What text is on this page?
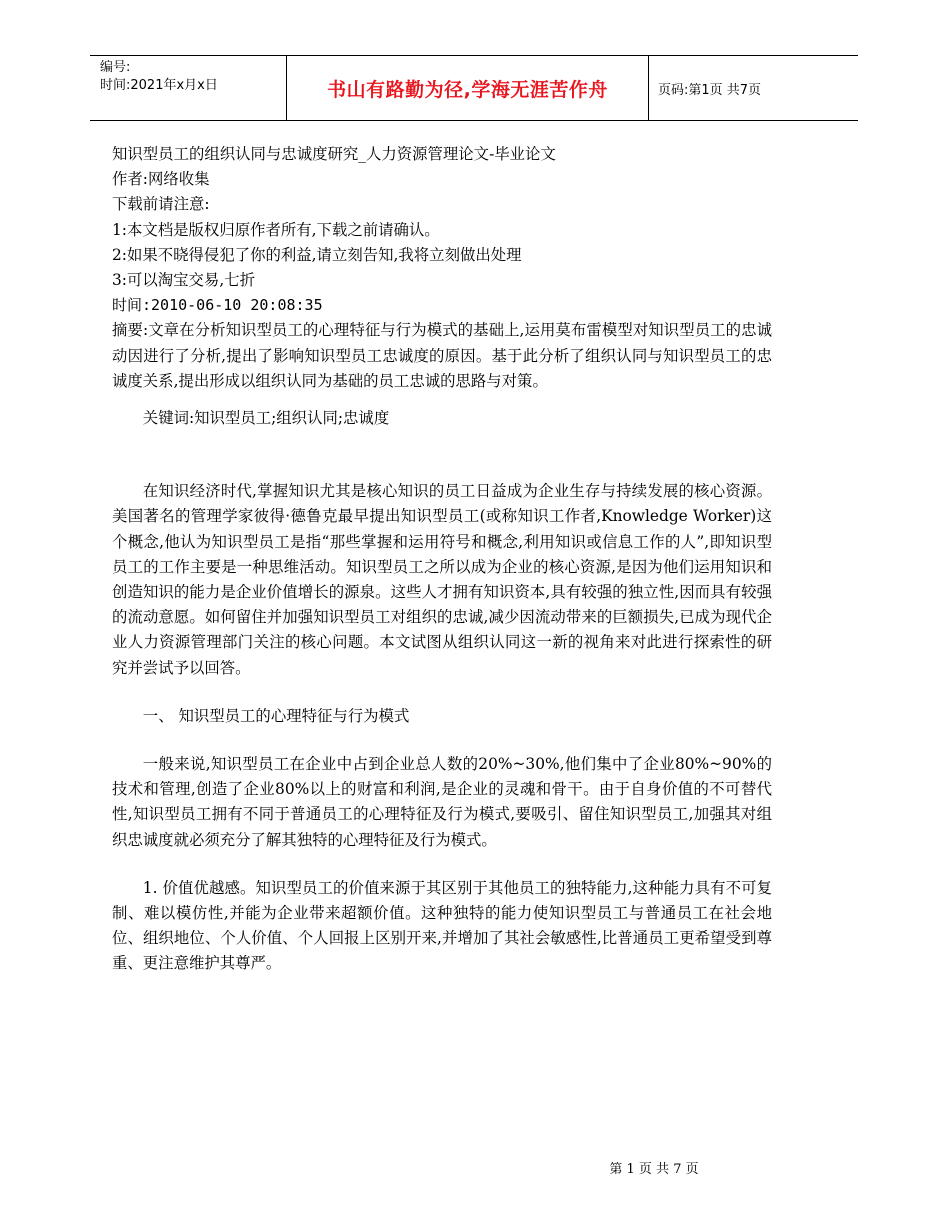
编号:
时间:2021年x月x日	书山有路勤为径,学海无涯苦作舟	页码:第1页 共7页
知识型员工的组织认同与忠诚度研究_人力资源管理论文-毕业论文
作者:网络收集
下载前请注意:
1:本文档是版权归原作者所有,下载之前请确认。
2:如果不晓得侵犯了你的利益,请立刻告知,我将立刻做出处理
3:可以淘宝交易,七折
时间:2010-06-10 20:08:35

摘要:文章在分析知识型员工的心理特征与行为模式的基础上,运用莫布雷模型对知识型员工的忠诚动因进行了分析,提出了影响知识型员工忠诚度的原因。基于此分析了组织认同与知识型员工的忠诚度关系,提出形成以组织认同为基础的员工忠诚的思路与对策。

关键词:知识型员工;组织认同;忠诚度

在知识经济时代,掌握知识尤其是核心知识的员工日益成为企业生存与持续发展的核心资源。美国著名的管理学家彼得·德鲁克最早提出知识型员工(或称知识工作者,Knowledge Worker)这个概念,他认为知识型员工是指“那些掌握和运用符号和概念,利用知识或信息工作的人”,即知识型员工的工作主要是一种思维活动。知识型员工之所以成为企业的核心资源,是因为他们运用知识和创造知识的能力是企业价值增长的源泉。这些人才拥有知识资本,具有较强的独立性,因而具有较强的流动意愿。如何留住并加强知识型员工对组织的忠诚,减少因流动带来的巨额损失,已成为现代企业人力资源管理部门关注的核心问题。本文试图从组织认同这一新的视角来对此进行探索性的研究并尝试予以回答。

一、 知识型员工的心理特征与行为模式

一般来说,知识型员工在企业中占到企业总人数的20%~30%,他们集中了企业80%~90%的技术和管理,创造了企业80%以上的财富和利润,是企业的灵魂和骨干。由于自身价值的不可替代性,知识型员工拥有不同于普通员工的心理特征及行为模式,要吸引、留住知识型员工,加强其对组织忠诚度就必须充分了解其独特的心理特征及行为模式。

1. 价值优越感。知识型员工的价值来源于其区别于其他员工的独特能力,这种能力具有不可复制、难以模仿性,并能为企业带来超额价值。这种独特的能力使知识型员工与普通员工在社会地位、组织地位、个人价值、个人回报上区别开来,并增加了其社会敏感性,比普通员工更希望受到尊重、更注意维护其尊严。

第 1 页 共 7 页
